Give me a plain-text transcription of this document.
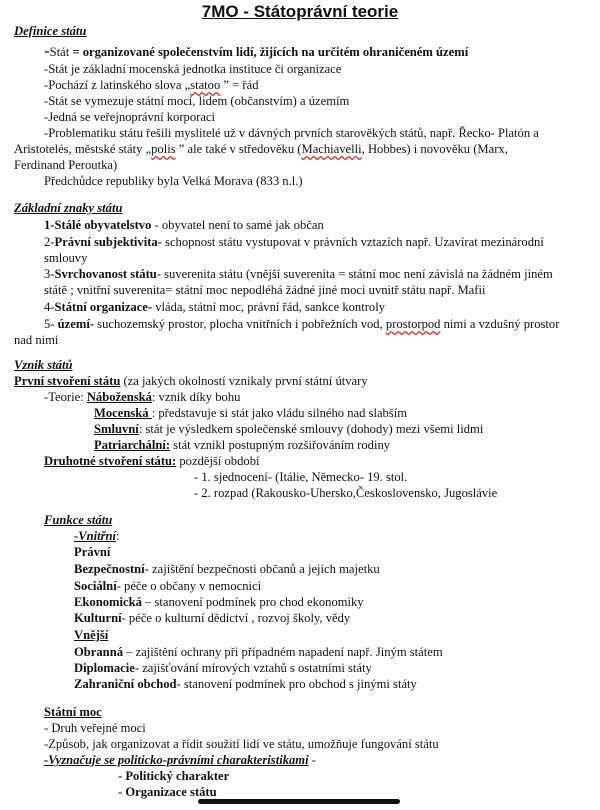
7MO - Státoprávní teorie
Definice státu
-Stát = organizované společenstvím lidí, žijících na určitém ohraničeném území
-Stát je základní mocenská jednotka instituce či organizace
-Pochází z latinského slova „statoo ” = řád
-Stát se vymezuje státní mocí, lidem (občanstvím) a územím
-Jedná se veřejnoprávní korporaci
-Problematiku státu řešili myslitelé už v dávných prvních starověkých států, např. Řecko- Platón a
Aristotelés, městské státy „polis ” ale také v středověku (Machiavelli, Hobbes) i novověku (Marx,
Ferdinand Peroutka)
Předchůdce republiky byla Velká Morava (833 n.l.)
Základní znaky státu
1-Stálé obyvatelstvo - obyvatel není to samé jak občan
2-Právní subjektivita- schopnost státu vystupovat v právních vztazích např. Uzavírat mezinárodní
smlouvy
3-Svrchovanost státu- suverenita státu (vnější suverenita = státní moc není závislá na žádném jiném
státě ; vnitřní suverenita= státní moc nepodléhá žádné jiné moci uvnitř státu např. Mafii
4-Státní organizace- vláda, státní moc, právní řád, sankce kontroly
5- území- suchozemský prostor, plocha vnitřních i pobřežních vod, prostorpod nimi a vzdušný prostor
nad nimi
Vznik států
První stvoření státu (za jakých okolností vznikaly první státní útvary
-Teorie: Náboženská: vznik díky bohu
Mocenská : představuje si stát jako vládu silného nad slabším
Smluvní: stát je výsledkem společenské smlouvy (dohody) mezi všemi lidmi
Patriarchální: stát vznikl postupným rozšiřováním rodiny
Druhotné stvoření státu: pozdější období
- 1. sjednocení- (Itálie, Německo- 19. stol.
- 2. rozpad (Rakousko-Uhersko,Československo, Jugoslávie
Funkce státu
-Vnitřní:
Právní
Bezpečnostní- zajištění bezpečnosti občanů a jejich majetku
Sociální- péče o občany v nemocnici
Ekonomická – stanovení podmínek pro chod ekonomiky
Kulturní- péče o kulturní dědictví , rozvoj školy, vědy
Vnější
Obranná – zajištění ochrany při případném napadení např. Jiným státem
Diplomacie- zajišťování mírových vztahů s ostatními státy
Zahraniční obchod- stanovení podmínek pro obchod s jinými státy
Státní moc
- Druh veřejné moci
-Způsob, jak organizovat a řídit soužití lidí ve státu, umožňuje fungování státu
-Vyznačuje se politicko-právními charakteristikami -
- Politický charakter
- Organizace státu
